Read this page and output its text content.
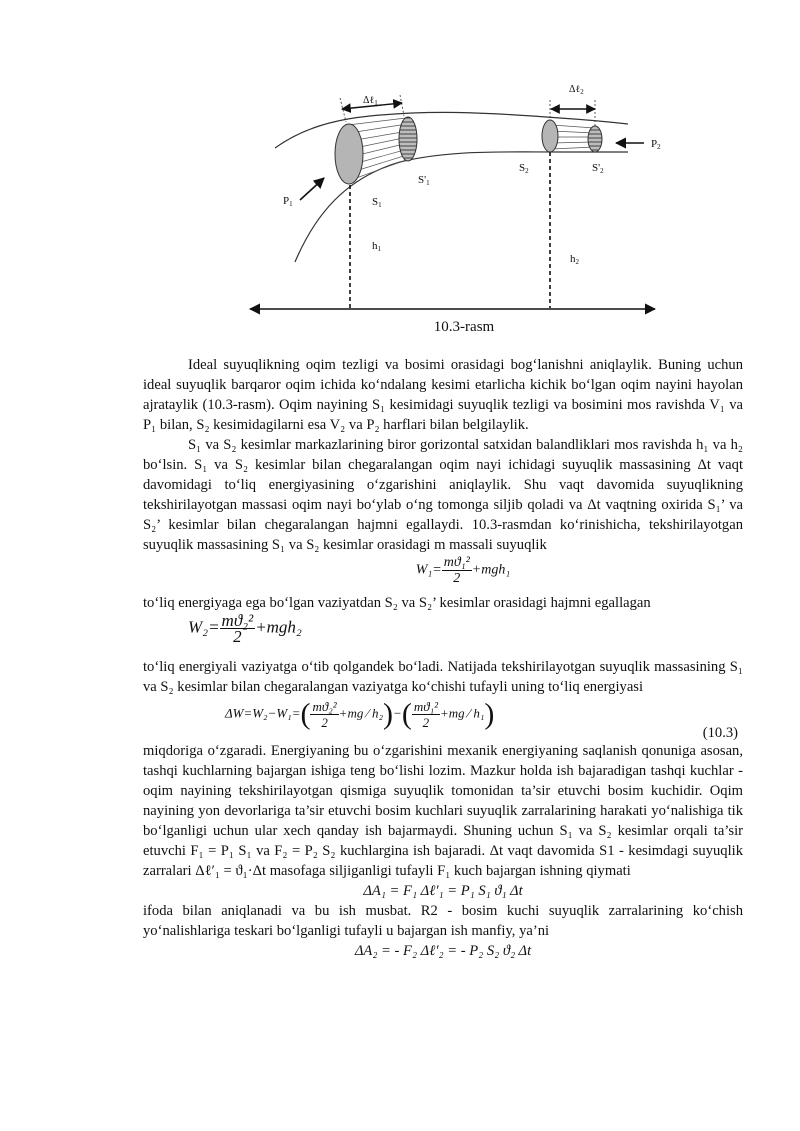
Δℓ$_1$
Δℓ$_2$
P1
P2
S1
S'1
S2	S'2
h1
h2
10.3-rasm

Ideal suyuqlikning oqim tezligi va bosimi orasidagi bogʻlanishni aniqlaylik. Buning uchun ideal suyuqlik barqaror oqim ichida koʻndalang kesimi etarlicha kichik boʻlgan oqim nayini hayolan ajrataylik (10.3-rasm). Oqim nayining S₁ kesimidagi suyuqlik tezligi va bosimini mos ravishda V₁ va P₁ bilan, S₂ kesimidagilarni esa V₂ va P₂ harflari bilan belgilaylik.

S₁ va S₂ kesimlar markazlarining biror gorizontal satxidan balandliklari mos ravishda h₁ va h₂ boʻlsin. S₁ va S₂ kesimlar bilan chegaralangan oqim nayi ichidagi suyuqlik massasining Δt vaqt davomidagi toʻliq energiyasining oʻzgarishini aniqlaylik. Shu vaqt davomida suyuqlikning tekshirilayotgan massasi oqim nayi boʻylab oʻng tomonga siljib qoladi va Δt vaqtning oxirida S₁’ va S₂’ kesimlar bilan chegaralangan hajmni egallaydi. 10.3-rasmdan koʻrinishicha, tekshirilayotgan suyuqlik massasining S₁ va S₂ kesimlar orasidagi m massali suyuqlik

$W_1= \frac{\text{mϑ₁²}}{2} +mgh_1$

toʻliq energiyaga ega boʻlgan vaziyatdan S₂ va S₂’ kesimlar orasidagi hajmni egallagan

$W_2= \frac{\text{mϑ₂²}}{2} +mgh_2$

toʻliq energiyali vaziyatga oʻtib qolgandek boʻladi. Natijada tekshirilayotgan suyuqlik massasining S₁ va S₂ kesimlar bilan chegaralangan vaziyatga koʻchishi tufayli uning toʻliq energiyasi

$\Delta W=W_2-W_1=( \frac{\text{mϑ₂²}}{2} +mg$ ⁄ $h_2)-( \frac{\text{mϑ₁²}}{2} +mg$ ⁄ h₁)
(10.3)

miqdoriga oʻzgaradi. Energiyaning bu oʻzgarishini mexanik energiyaning saqlanish qonuniga asosan, tashqi kuchlarning bajargan ishiga teng boʻlishi lozim. Mazkur holda ish bajaradigan tashqi kuchlar - oqim nayining tekshirilayotgan qismiga suyuqlik tomonidan ta’sir etuvchi bosim kuchidir. Oqim nayining yon devorlariga ta’sir etuvchi bosim kuchlari suyuqlik zarralarining harakati yoʻnalishiga tik boʻlganligi uchun ular xech qanday ish bajarmaydi. Shuning uchun S₁ va S₂ kesimlar orqali ta’sir etuvchi F₁ = P₁ S₁ va F₂ = P₂ S₂ kuchlargina ish bajaradi. Δt vaqt davomida S1 - kesimdagi suyuqlik zarralari Δℓ′₁ = ϑ₁·Δt masofaga siljiganligi tufayli F₁ kuch bajargan ishning qiymati

ΔA₁ = F₁ Δℓ′₁ = P₁ S₁ ϑ₁ Δt

ifoda bilan aniqlanadi va bu ish musbat. R2 - bosim kuchi suyuqlik zarralarining koʻchish yoʻnalishlariga teskari boʻlganligi tufayli u bajargan ish manfiy, ya’ni

ΔA₂ = - F₂ Δℓ′₂ = - P₂ S₂ ϑ₂ Δt
